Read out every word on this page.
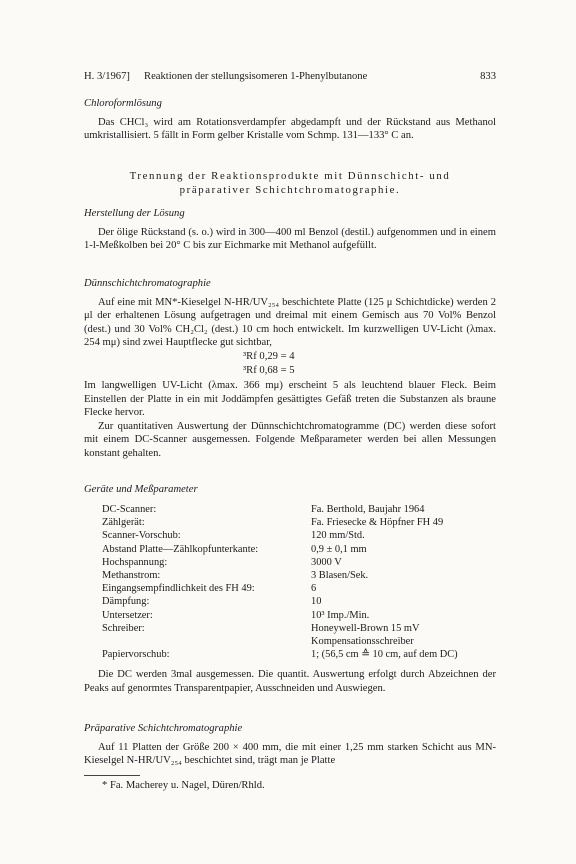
H. 3/1967] Reaktionen der stellungsisomeren 1-Phenylbutanone	833
Chloroformlösung

Das CHCl₃ wird am Rotationsverdampfer abgedampft und der Rückstand aus Methanol umkristallisiert. 5 fällt in Form gelber Kristalle vom Schmp. 131—133° C an.

Trennung der Reaktionsprodukte mit Dünnschicht- und
präparativer Schichtchromatographie.
Herstellung der Lösung

Der ölige Rückstand (s. o.) wird in 300—400 ml Benzol (destil.) aufgenommen und in einem 1-l-Meßkolben bei 20° C bis zur Eichmarke mit Methanol aufgefüllt.

Dünnschichtchromatographie

Auf eine mit MN*-Kieselgel N-HR/UV₂₅₄ beschichtete Platte (125 μ Schichtdicke) werden 2 μl der erhaltenen Lösung aufgetragen und dreimal mit einem Gemisch aus 70 Vol% Benzol (dest.) und 30 Vol% CH₂Cl₂ (dest.) 10 cm hoch entwickelt. Im kurzwelligen UV-Licht (λmax. 254 mμ) sind zwei Hauptflecke gut sichtbar,

³Rf 0,29 = 4
³Rf 0,68 = 5

Im langwelligen UV-Licht (λmax. 366 mμ) erscheint 5 als leuchtend blauer Fleck. Beim Einstellen der Platte in ein mit Joddämpfen gesättigtes Gefäß treten die Substanzen als braune Flecke hervor.

Zur quantitativen Auswertung der Dünnschichtchromatogramme (DC) werden diese sofort mit einem DC-Scanner ausgemessen. Folgende Meßparameter werden bei allen Messungen konstant gehalten.

Geräte und Meßparameter
DC-Scanner:	Fa. Berthold, Baujahr 1964
Zählgerät:	Fa. Friesecke & Höpfner FH 49
Scanner-Vorschub:	120 mm/Std.
Abstand Platte—Zählkopfunterkante:	0,9 ± 0,1 mm
Hochspannung:	3000 V
Methanstrom:	3 Blasen/Sek.
Eingangsempfindlichkeit des FH 49:	6
Dämpfung:	10
Untersetzer:	10³ Imp./Min.
Schreiber:	Honeywell-Brown 15 mV
	Kompensationsschreiber
Papiervorschub:	1; (56,5 cm ≙ 10 cm, auf dem DC)

Die DC werden 3mal ausgemessen. Die quantit. Auswertung erfolgt durch Abzeichnen der Peaks auf genormtes Transparentpapier, Ausschneiden und Auswiegen.

Präparative Schichtchromatographie

Auf 11 Platten der Größe 200 × 400 mm, die mit einer 1,25 mm starken Schicht aus MN-Kieselgel N-HR/UV₂₅₄ beschichtet sind, trägt man je Platte

* Fa. Macherey u. Nagel, Düren/Rhld.
